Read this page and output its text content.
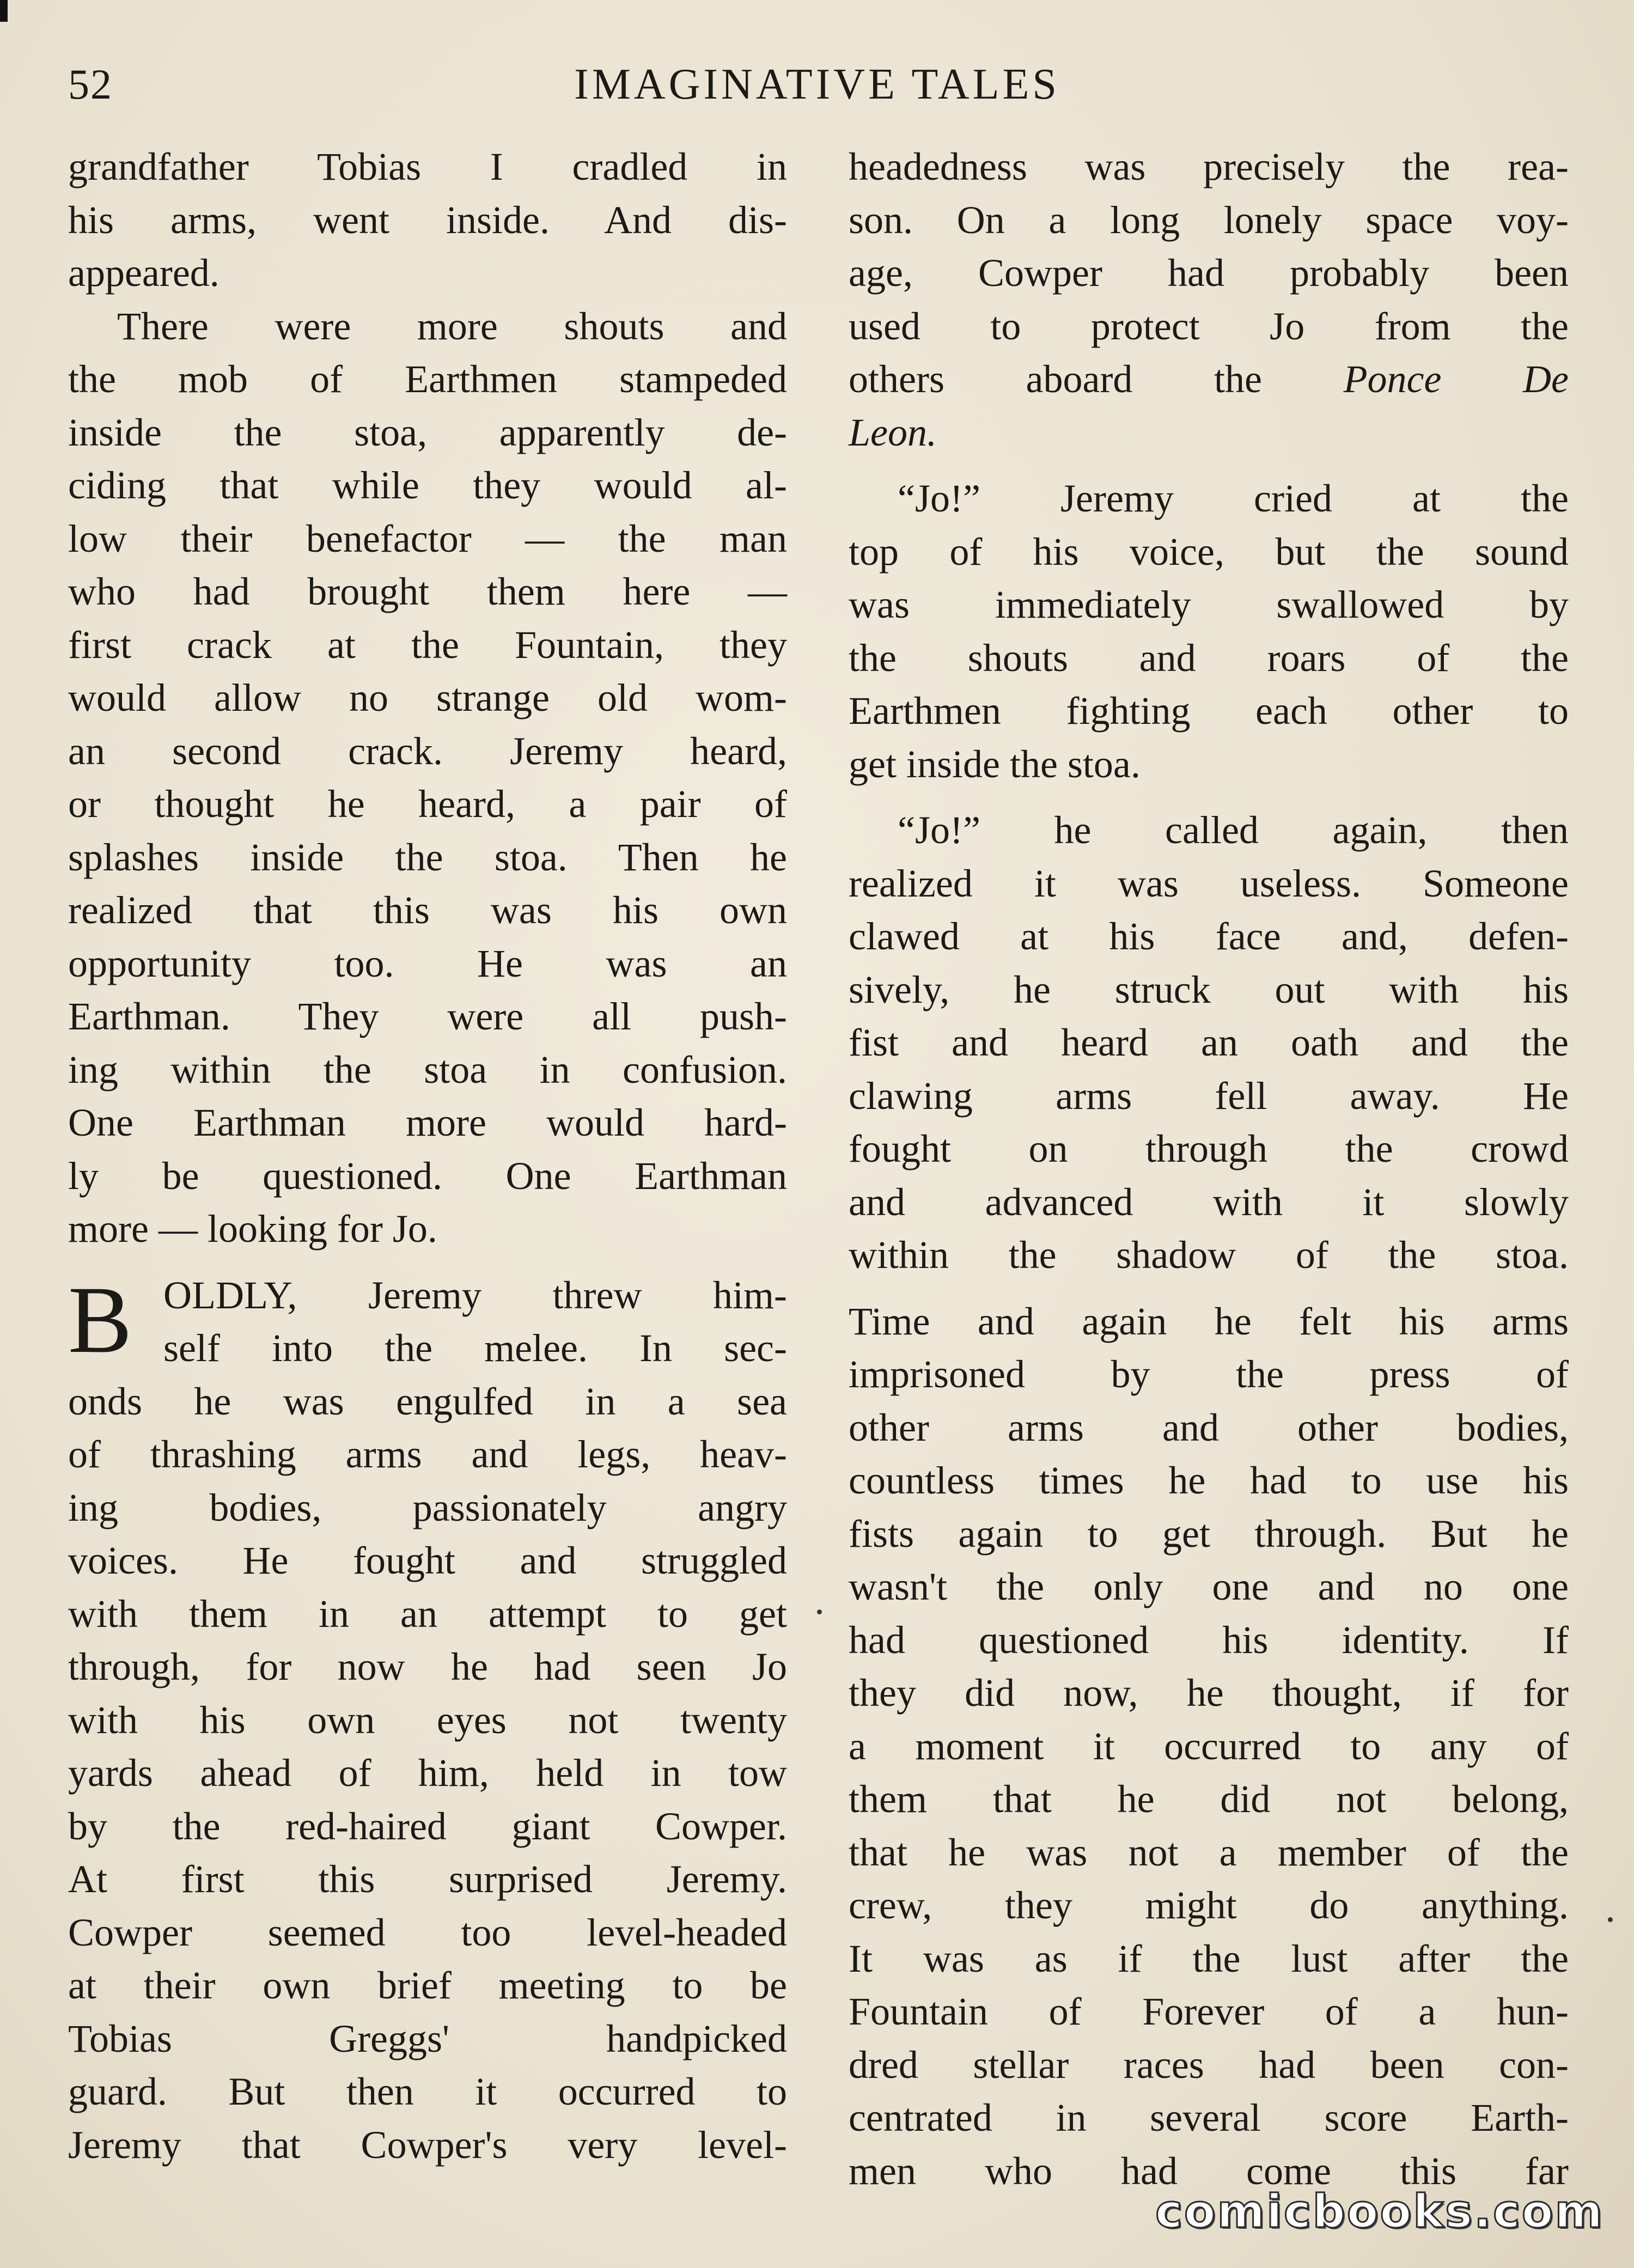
52	IMAGINATIVE TALES
grandfather Tobias I cradled in
his arms, went inside. And dis-
appeared.
There were more shouts and
the mob of Earthmen stampeded
inside the stoa, apparently de-
ciding that while they would al-
low their benefactor — the man
who had brought them here —
first crack at the Fountain, they
would allow no strange old wom-
an second crack. Jeremy heard,
or thought he heard, a pair of
splashes inside the stoa. Then he
realized that this was his own
opportunity too. He was an
Earthman. They were all push-
ing within the stoa in confusion.
One Earthman more would hard-
ly be questioned. One Earthman
more — looking for Jo.
B OLDLY, Jeremy threw him-
self into the melee. In sec-
onds he was engulfed in a sea
of thrashing arms and legs, heav-
ing bodies, passionately angry
voices. He fought and struggled
with them in an attempt to get
through, for now he had seen Jo
with his own eyes not twenty
yards ahead of him, held in tow
by the red-haired giant Cowper.
At first this surprised Jeremy.
Cowper seemed too level-headed
at their own brief meeting to be
Tobias Greggs' handpicked
guard. But then it occurred to
Jeremy that Cowper's very level-
headedness was precisely the rea-
son. On a long lonely space voy-
age, Cowper had probably been
used to protect Jo from the
others aboard the Ponce De
Leon.
“Jo!” Jeremy cried at the
top of his voice, but the sound
was immediately swallowed by
the shouts and roars of the
Earthmen fighting each other to
get inside the stoa.
“Jo!” he called again, then
realized it was useless. Someone
clawed at his face and, defen-
sively, he struck out with his
fist and heard an oath and the
clawing arms fell away. He
fought on through the crowd
and advanced with it slowly
within the shadow of the stoa.
Time and again he felt his arms
imprisoned by the press of
other arms and other bodies,
countless times he had to use his
fists again to get through. But he
wasn't the only one and no one
had questioned his identity. If
they did now, he thought, if for
a moment it occurred to any of
them that he did not belong,
that he was not a member of the
crew, they might do anything.
It was as if the lust after the
Fountain of Forever of a hun-
dred stellar races had been con-
centrated in several score Earth-
men who had come this far
comicbooks.com
